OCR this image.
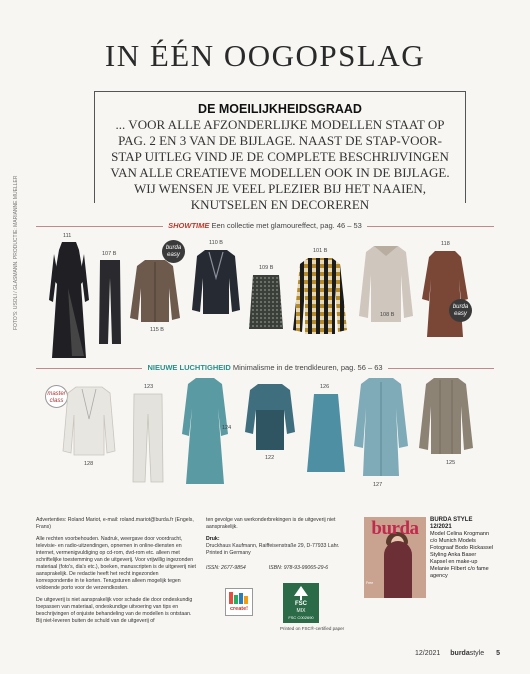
IN ÉÉN OOGOPSLAG
DE MOEILIJKHEIDSGRAAD
... VOOR ALLE AFZONDERLIJKE MODELLEN STAAT OP PAG. 2 EN 3 VAN DE BIJLAGE. NAAST DE STAP-VOOR-STAP UITLEG VIND JE DE COMPLETE BESCHRIJVINGEN VAN ALLE CREATIEVE MODELLEN OOK IN DE BIJLAGE. WIJ WENSEN JE VEEL PLEZIER BIJ HET NAAIEN, KNUTSELEN EN DECOREREN
FOTO'S: USOLI / GLASMANN. PRODUCTIE: MARIANNE MUELLER	SHOWTIME Een collectie met glamoureffect, pag. 46 – 53
111
107 B
115 B
burda easy
110 B
109 B
101 B
108 B
118
burda easy
NIEUWE LUCHTIGHEID Minimalisme in de trendkleuren, pag. 56 – 63
master class
128
123
124
122
126
127
125

Advertenties: Roland Mariot, e-mail: roland.mariot@burda.fr (Engels, Frans)

Alle rechten voorbehouden. Nadruk, weergave door voordracht, televisie- en radio-uitzendingen, opnemen in online-diensten en internet, vermenigvuldiging op cd-rom, dvd-rom etc. alleen met schriftelijke toestemming van de uitgeverij. Voor vrijwillig ingezonden materiaal (foto's, dia's etc.), boeken, manuscripten is de uitgeverij niet aansprakelijk. De redactie heeft het recht ingezonden korrespondentie in te korten. Terugsturen alleen mogelijk tegen voldoende porto voor de verzendkosten.

De uitgeverij is niet aansprakelijk voor schade die door ondeskundig toepassen van materiaal, ondeskundige uitvoering van tips en beschrijvingen of onjuiste behandeling van de modellen is ontstaan. Bij niet-leveren buiten de schuld van de uitgeverij of

ten gevolge van werkonderbrekingen is de uitgeverij niet aansprakelijk.

Druk:
Druckhaus Kaufmann, Raiffeisenstraße 29, D-77933 Lahr. Printed in Germany

ISSN: 2677-9854	ISBN: 978-93-99065-29-6

create!
FSC
MIX
FSC C002690
Printed on FSC®-certified paper
burda
Free
BURDA STYLE
12/2021
Model Celina Krogmann
c/o Munich Models
Fotograaf Bodo Rickassel
Styling Anka Baser
Kapsel en make-up
Melanie Filbert c/o fame
agency
12/2021 burdastyle 5
